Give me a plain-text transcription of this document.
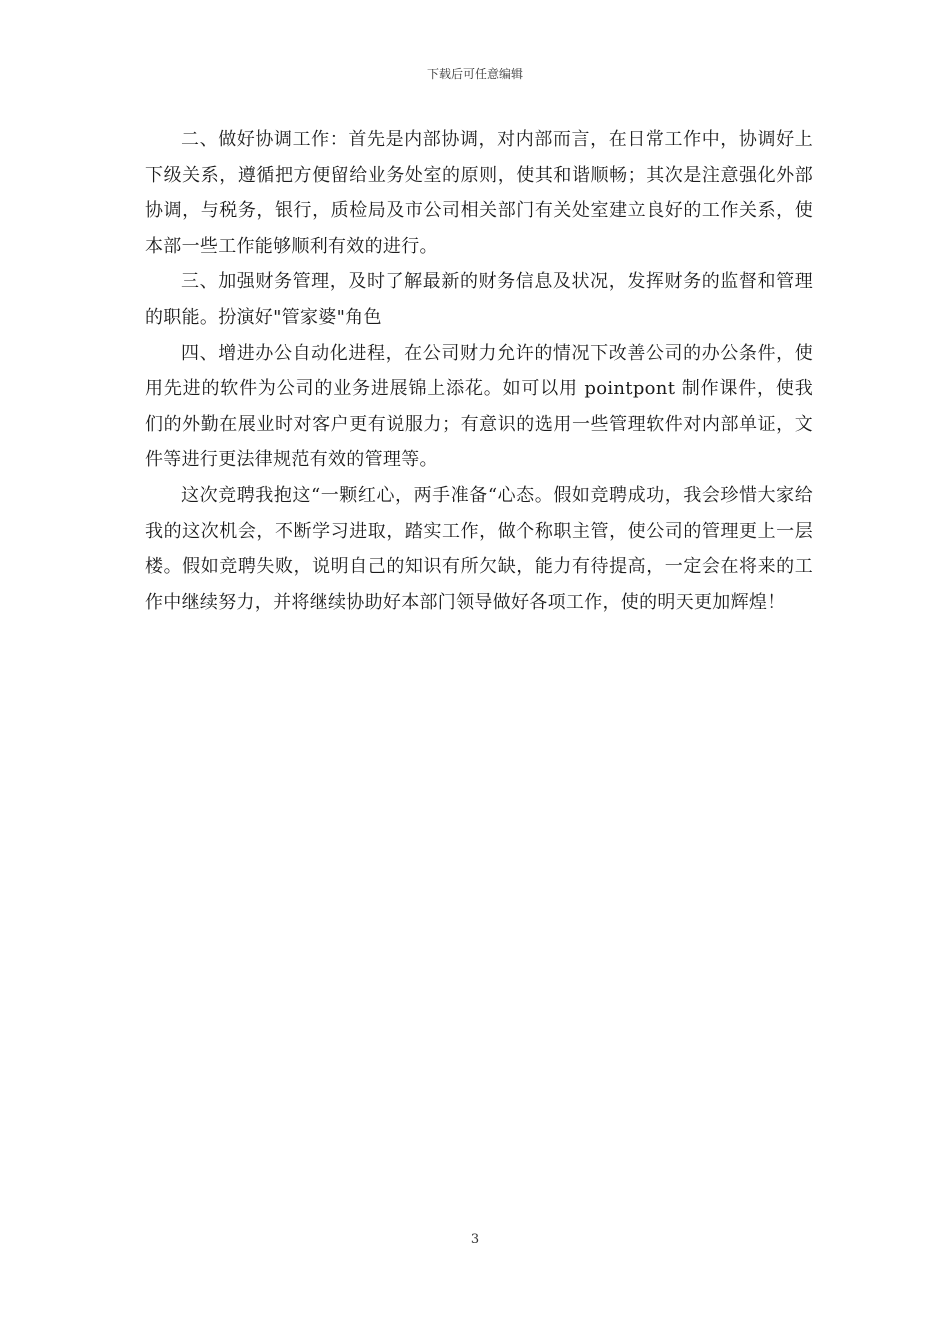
下载后可任意编辑

二、做好协调工作：首先是内部协调，对内部而言，在日常工作中，协调好上下级关系，遵循把方便留给业务处室的原则，使其和谐顺畅；其次是注意强化外部协调，与税务，银行，质检局及市公司相关部门有关处室建立良好的工作关系，使本部一些工作能够顺利有效的进行。

三、加强财务管理，及时了解最新的财务信息及状况，发挥财务的监督和管理的职能。扮演好"管家婆"角色

四、增进办公自动化进程，在公司财力允许的情况下改善公司的办公条件，使用先进的软件为公司的业务进展锦上添花。如可以用 pointpont 制作课件，使我们的外勤在展业时对客户更有说服力；有意识的选用一些管理软件对内部单证，文件等进行更法律规范有效的管理等。

这次竞聘我抱这“一颗红心，两手准备“心态。假如竞聘成功，我会珍惜大家给我的这次机会，不断学习进取，踏实工作，做个称职主管，使公司的管理更上一层楼。假如竞聘失败，说明自己的知识有所欠缺，能力有待提高，一定会在将来的工作中继续努力，并将继续协助好本部门领导做好各项工作，使的明天更加辉煌！

3
